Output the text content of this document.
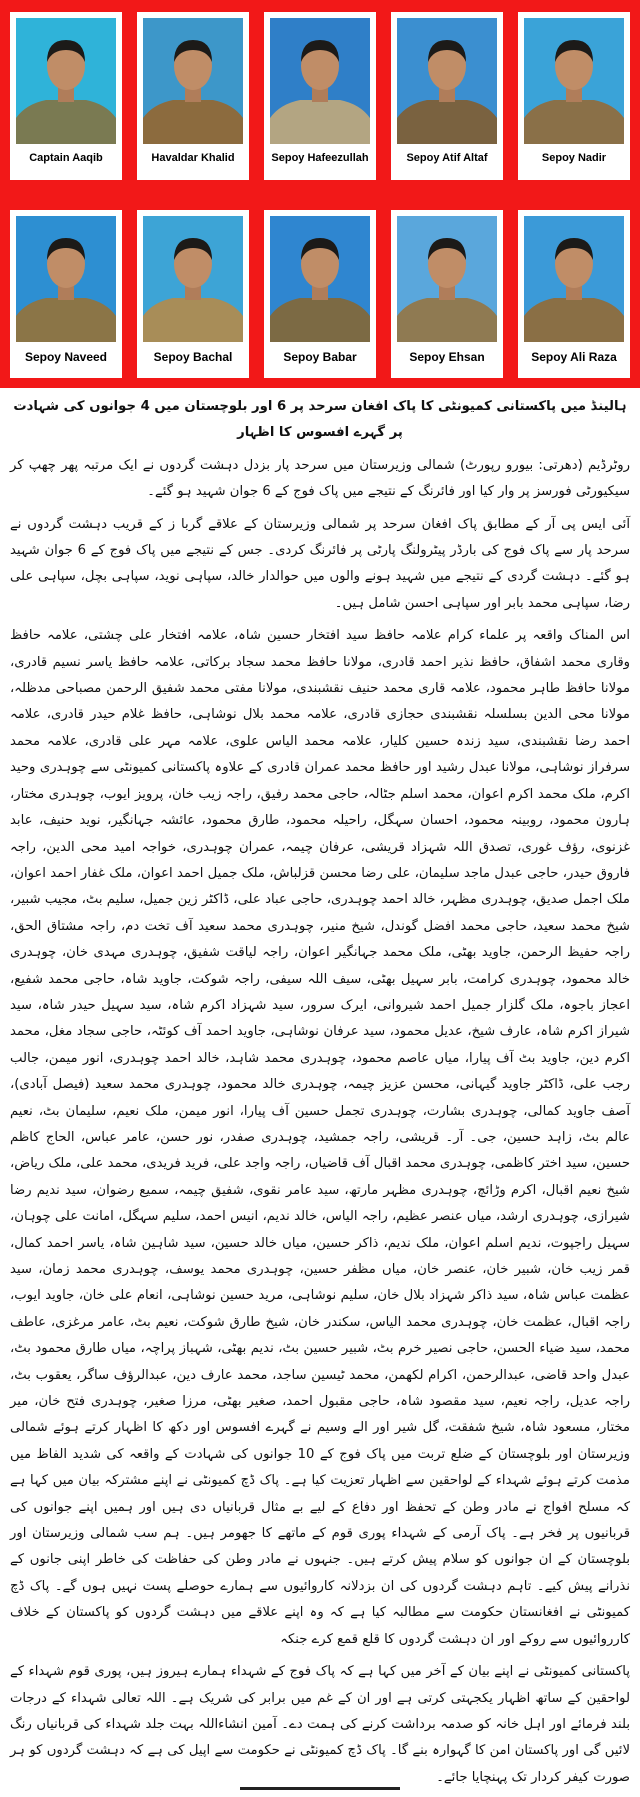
Captain Aaqib	Havaldar Khalid	Sepoy Hafeezullah	Sepoy Atif Altaf	Sepoy Nadir
Sepoy Naveed	Sepoy Bachal	Sepoy Babar	Sepoy Ehsan	Sepoy Ali Raza

ہالینڈ میں پاکستانی کمیونٹی کا پاک افغان سرحد پر 6 اور بلوچستان میں 4 جوانوں کی شہادت پر گہرے افسوس کا اظہار

روٹرڈیم (دھرتی: بیورو رپورٹ) شمالی وزیرستان میں سرحد پار بزدل دہشت گردوں نے ایک مرتبہ پھر چھپ کر سیکیورٹی فورسز پر وار کیا اور فائرنگ کے نتیجے میں پاک فوج کے 6 جوان شہید ہو گئے۔

آئی ایس پی آر کے مطابق پاک افغان سرحد پر شمالی وزیرستان کے علاقے گربا ز کے قریب دہشت گردوں نے سرحد پار سے پاک فوج کی بارڈر پیٹرولنگ پارٹی پر فائرنگ کردی۔ جس کے نتیجے میں پاک فوج کے 6 جوان شہید ہو گئے۔ دہشت گردی کے نتیجے میں شہید ہونے والوں میں حوالدار خالد، سپاہی نوید، سپاہی بچل، سپاہی علی رضا، سپاہی محمد بابر اور سپاہی احسن شامل ہیں۔

اس المناک واقعہ پر علماء کرام علامہ حافظ سید افتخار حسین شاہ، علامہ افتخار علی چشتی، علامہ حافظ وقاری محمد اشفاق، حافظ نذیر احمد قادری، مولانا حافظ محمد سجاد برکاتی، علامہ حافظ یاسر نسیم قادری، مولانا حافظ طاہر محمود، علامہ قاری محمد حنیف نقشبندی، مولانا مفتی محمد شفیق الرحمن مصباحی مدظلہ، مولانا محی الدین بسلسلہ نقشبندی حجازی قادری، علامہ محمد بلال نوشاہی، حافظ غلام حیدر قادری، علامہ احمد رضا نقشبندی، سید زندہ حسین کلیار، علامہ محمد الیاس علوی، علامہ مہر علی قادری، علامہ محمد سرفراز نوشاہی، مولانا عبدل رشید اور حافظ محمد عمران قادری کے علاوہ پاکستانی کمیونٹی سے چوہدری وحید اکرم، ملک محمد اکرم اعوان، محمد اسلم جٹالہ، حاجی محمد رفیق، راجہ زیب خان، پرویز ایوب، چوہدری مختار، ہارون محمود، روبینہ محمود، احسان سہگل، راحیلہ محمود، طارق محمود، عائشہ جہانگیر، نوید حنیف، عابد غزنوی، رؤف غوری، تصدق اللہ شہزاد قریشی، عرفان چیمہ، عمران چوہدری، خواجہ امید محی الدین، راجہ فاروق حیدر، حاجی عبدل ماجد سلیمان، علی رضا محسن قزلباش، ملک جمیل احمد اعوان، ملک غفار احمد اعوان، ملک اجمل صدیق، چوہدری مظہر، خالد احمد چوہدری، حاجی عباد علی، ڈاکٹر زین جمیل، سلیم بٹ، مجیب شبیر، شیخ محمد سعید، حاجی محمد افضل گوندل، شیخ منیر، چوہدری محمد سعید آف تخت دم، راجہ مشتاق الحق، راجہ حفیظ الرحمن، جاوید بھٹی، ملک محمد جہانگیر اعوان، راجہ لیاقت شفیق، چوہدری مہدی خان، چوہدری خالد محمود، چوہدری کرامت، بابر سہیل بھٹی، سیف اللہ سیفی، راجہ شوکت، جاوید شاہ، حاجی محمد شفیع، اعجاز باجوہ، ملک گلزار جمیل احمد شیروانی، ایرک سرور، سید شہزاد اکرم شاہ، سید سہیل حیدر شاہ، سید شیراز اکرم شاہ، عارف شیخ، عدیل محمود، سید عرفان نوشاہی، جاوید احمد آف کوئٹہ، حاجی سجاد مغل، محمد اکرم دین، جاوید بٹ آف پیارا، میاں عاصم محمود، چوہدری محمد شاہد، خالد احمد چوہدری، انور میمن، جالب رجب علی، ڈاکٹر جاوید گیہانی، محسن عزیز چیمہ، چوہدری خالد محمود، چوہدری محمد سعید (فیصل آبادی)، آصف جاوید کمالی، چوہدری بشارت، چوہدری تجمل حسین آف پیارا، انور میمن، ملک نعیم، سلیمان بٹ، نعیم عالم بٹ، زاہد حسین، جی۔ آر۔ قریشی، راجہ جمشید، چوہدری صفدر، نور حسن، عامر عباس، الحاج کاظم حسین، سید اختر کاظمی، چوہدری محمد اقبال آف قاضیاں، راجہ واجد علی، فرید فریدی، محمد علی، ملک ریاض، شیخ نعیم اقبال، اکرم وڑائچ، چوہدری مظہر مارتھ، سید عامر نقوی، شفیق چیمہ، سمیع رضوان، سید ندیم رضا شیرازی، چوہدری ارشد، میاں عنصر عظیم، راجہ الیاس، خالد ندیم، انیس احمد، سلیم سہگل، امانت علی چوہان، سہیل راجپوت، ندیم اسلم اعوان، ملک ندیم، ذاکر حسین، میاں خالد حسین، سید شاہین شاہ، یاسر احمد کمال، قمر زیب خان، شبیر خان، عنصر خان، میاں مظفر حسین، چوہدری محمد یوسف، چوہدری محمد زمان، سید عظمت عباس شاہ، سید ذاکر شہزاد بلال خان، سلیم نوشاہی، مرید حسین نوشاہی، انعام علی خان، جاوید ایوب، راجہ اقبال، عظمت خان، چوہدری محمد الیاس، سکندر خان، شیخ طارق شوکت، نعیم بٹ، عامر مرغزی، عاطف محمد، سید ضیاء الحسن، حاجی نصیر خرم بٹ، شبیر حسین بٹ، ندیم بھٹی، شہباز پراچہ، میاں طارق محمود بٹ، عبدل واحد قاضی، عبدالرحمن، اکرام لکھمن، محمد ٹیسین ساجد، محمد عارف دین، عبدالرؤف ساگر، یعقوب بٹ، راجہ عدیل، راجہ نعیم، سید مقصود شاہ، حاجی مقبول احمد، صغیر بھٹی، مرزا صغیر، چوہدری فتح خان، میر مختار، مسعود شاہ، شیخ شفقت، گل شیر اور الے وسیم نے گہرے افسوس اور دکھ کا اظہار کرتے ہوئے شمالی وزیرستان اور بلوچستان کے ضلع تربت میں پاک فوج کے 10 جوانوں کی شہادت کے واقعہ کی شدید الفاظ میں مذمت کرتے ہوئے شہداء کے لواحقین سے اظہار تعزیت کیا ہے۔ پاک ڈچ کمیونٹی نے اپنے مشترکہ بیان میں کہا ہے کہ مسلح افواج نے مادر وطن کے تحفظ اور دفاع کے لیے بے مثال قربانیاں دی ہیں اور ہمیں اپنے جوانوں کی قربانیوں پر فخر ہے۔ پاک آرمی کے شہداء پوری قوم کے ماتھے کا جھومر ہیں۔ ہم سب شمالی وزیرستان اور بلوچستان کے ان جوانوں کو سلام پیش کرتے ہیں۔ جنہوں نے مادر وطن کی حفاظت کی خاطر اپنی جانوں کے نذرانے پیش کیے۔ تاہم دہشت گردوں کی ان بزدلانہ کاروائیوں سے ہمارے حوصلے پست نہیں ہوں گے۔ پاک ڈچ کمیونٹی نے افغانستان حکومت سے مطالبہ کیا ہے کہ وہ اپنے علاقے میں دہشت گردوں کو پاکستان کے خلاف کارروائیوں سے روکے اور ان دہشت گردوں کا قلع قمع کرے جنکہ

پاکستانی کمیونٹی نے اپنے بیان کے آخر میں کہا ہے کہ پاک فوج کے شہداء ہمارے ہیروز ہیں، پوری قوم شہداء کے لواحقین کے ساتھ اظہار یکجہتی کرتی ہے اور ان کے غم میں برابر کی شریک ہے۔ اللہ تعالی شہداء کے درجات بلند فرمائے اور اہل خانہ کو صدمہ برداشت کرنے کی ہمت دے۔ آمین انشاءاللہ بہت جلد شہداء کی قربانیاں رنگ لائیں گی اور پاکستان امن کا گہوارہ بنے گا۔ پاک ڈچ کمیونٹی نے حکومت سے اپیل کی ہے کہ دہشت گردوں کو ہر صورت کیفر کردار تک پہنچایا جائے۔
